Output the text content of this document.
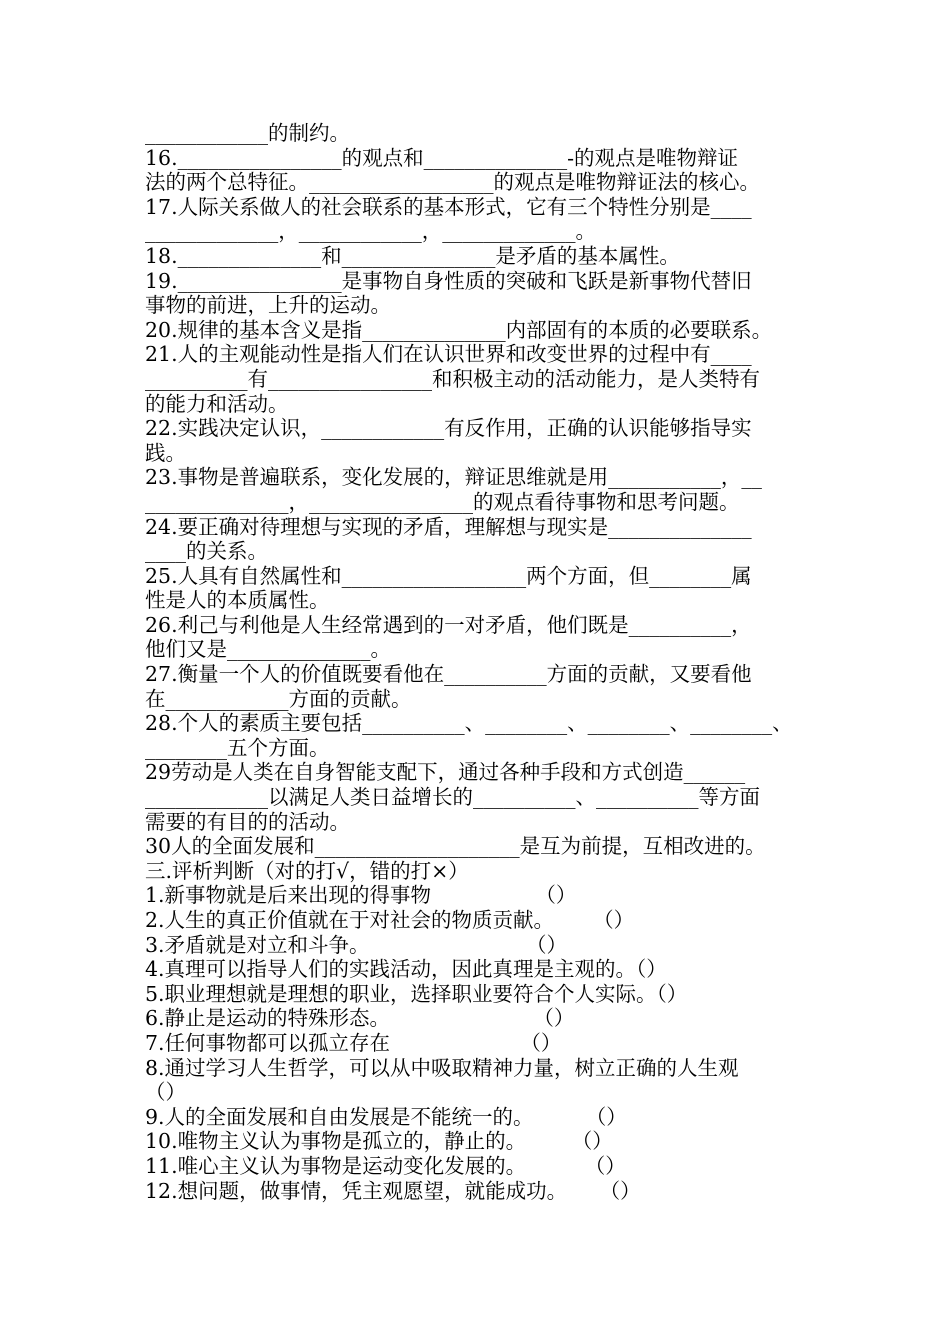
____________的制约。
16.________________的观点和______________-的观点是唯物辩证
法的两个总特征。__________________的观点是唯物辩证法的核心。
17.人际关系做人的社会联系的基本形式，它有三个特性分别是____
_____________，____________，_____________。
18.______________和_______________是矛盾的基本属性。
19.________________是事物自身性质的突破和飞跃是新事物代替旧
事物的前进，上升的运动。
20.规律的基本含义是指______________内部固有的本质的必要联系。
21.人的主观能动性是指人们在认识世界和改变世界的过程中有____
__________有________________和积极主动的活动能力，是人类特有
的能力和活动。
22.实践决定认识，____________有反作用，正确的认识能够指导实
践。
23.事物是普遍联系，变化发展的，辩证思维就是用___________，__
______________，________________的观点看待事物和思考问题。
24.要正确对待理想与实现的矛盾，理解想与现实是______________
____的关系。
25.人具有自然属性和__________________两个方面，但________属
性是人的本质属性。
26.利己与利他是人生经常遇到的一对矛盾，他们既是__________，
他们又是______________。
27.衡量一个人的价值既要看他在__________方面的贡献，又要看他
在____________方面的贡献。
28.个人的素质主要包括__________、________、________、________、
________五个方面。
29劳动是人类在自身智能支配下，通过各种手段和方式创造______
____________以满足人类日益增长的__________、__________等方面
需要的有目的的活动。
30人的全面发展和____________________是互为前提，互相改进的。
三.评析判断（对的打√，错的打×）
1.新事物就是后来出现的得事物                （）
2.人生的真正价值就在于对社会的物质贡献。      （）
3.矛盾就是对立和斗争。                        （）
4.真理可以指导人们的实践活动，因此真理是主观的。（）
5.职业理想就是理想的职业，选择职业要符合个人实际。（）
6.静止是运动的特殊形态。                      （）
7.任何事物都可以孤立存在                    （）
8.通过学习人生哲学，可以从中吸取精神力量，树立正确的人生观
（）
9.人的全面发展和自由发展是不能统一的。        （）
10.唯物主义认为事物是孤立的，静止的。       （）
11.唯心主义认为事物是运动变化发展的。         （）
12.想问题，做事情，凭主观愿望，就能成功。     （）
